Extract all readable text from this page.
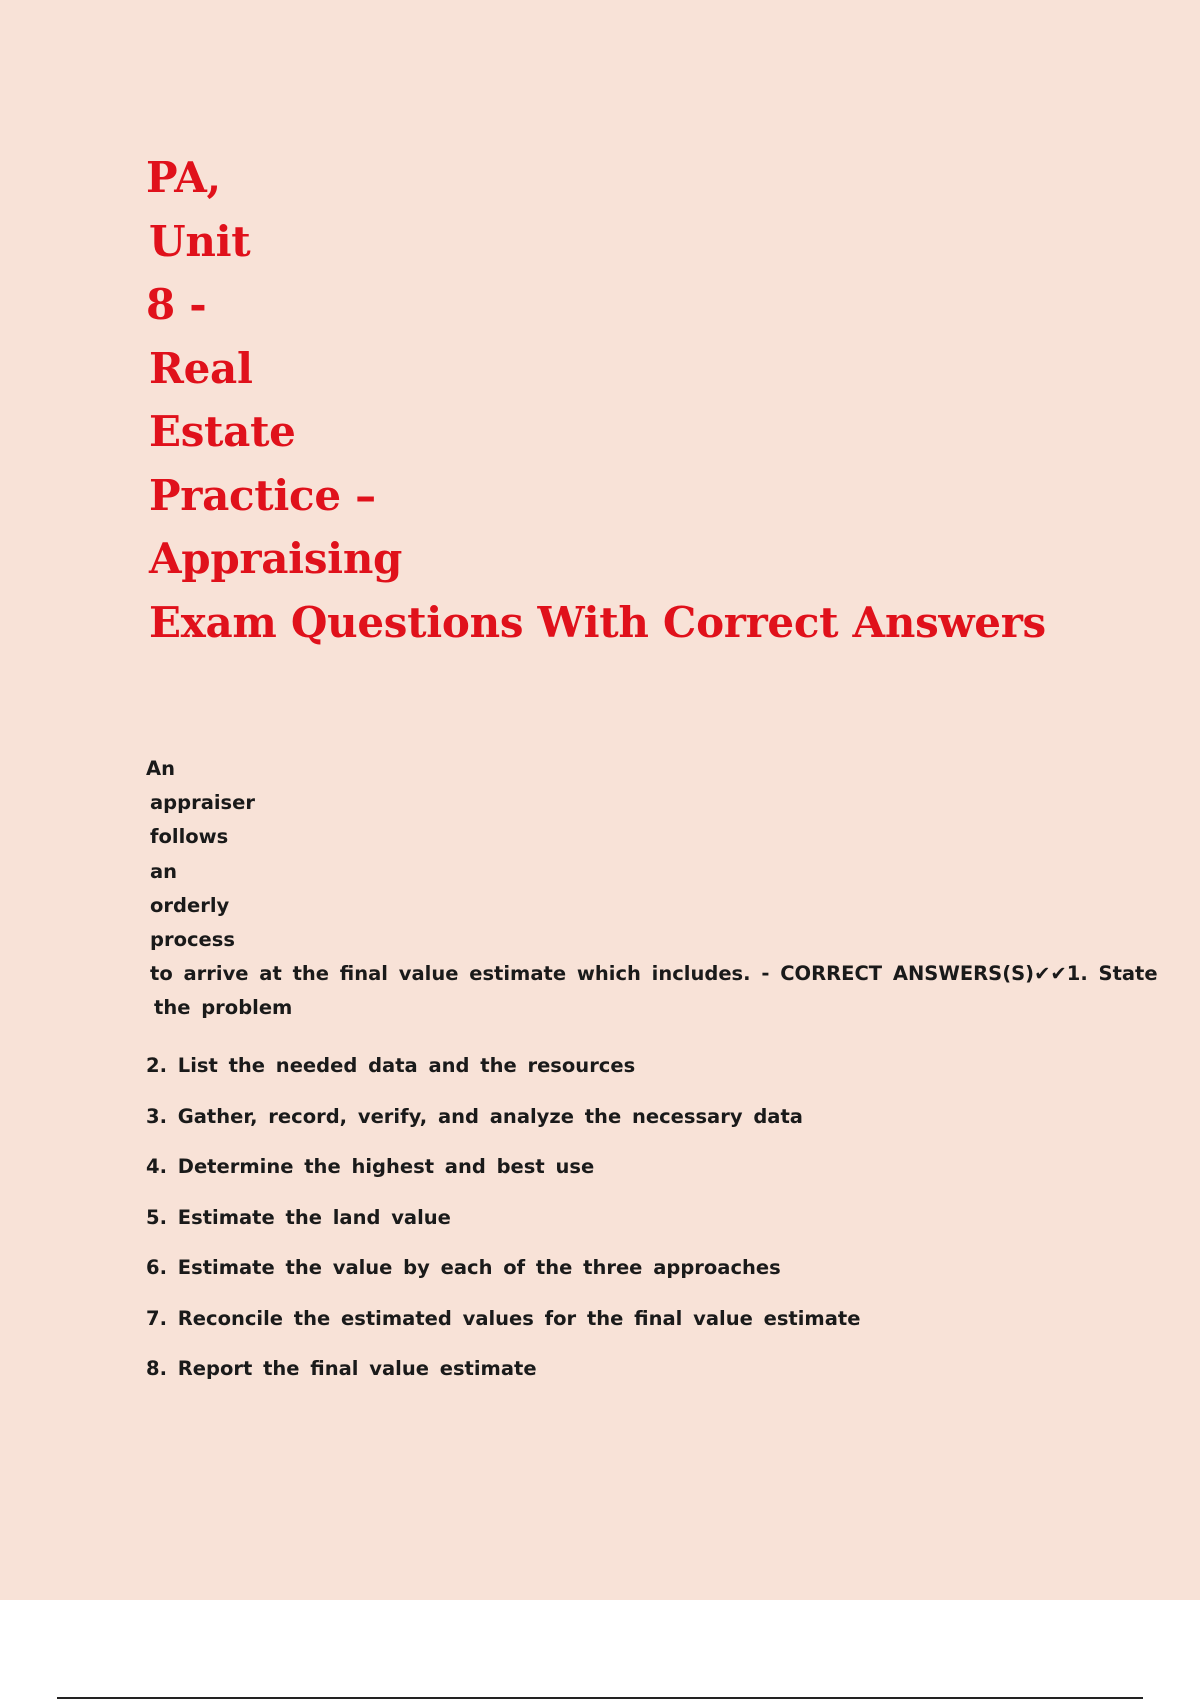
PA,
Unit
8 -
Real
Estate
Practice –
Appraising
Exam Questions With Correct Answers
An
appraiser
follows
an
orderly
process
to arrive at the final value estimate which includes. - CORRECT ANSWERS(S)✔✔1. State
the problem
2. List the needed data and the resources
3. Gather, record, verify, and analyze the necessary data
4. Determine the highest and best use
5. Estimate the land value
6. Estimate the value by each of the three approaches
7. Reconcile the estimated values for the final value estimate
8. Report the final value estimate
